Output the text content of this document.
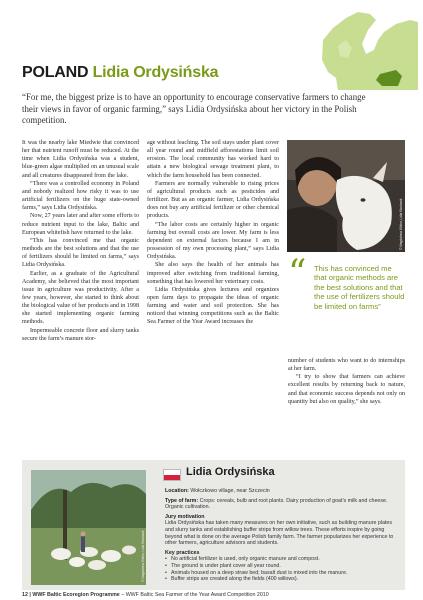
POLAND Lidia Ordysińska
“For me, the biggest prize is to have an opportunity to encourage conservative farmers to change their views in favor of organic farming,” says Lidia Ordysińska about her victory in the Polish competition.

It was the nearby lake Miedwie that convinced her that nutrient runoff must be reduced. At the time when Lidia Ordysińska was a student, blue-green algae multiplied on an unusual scale and all creatures disappeared from the lake.

“There was a controlled economy in Poland and nobody realized how risky it was to use artificial fertilizers on the huge state-owned farms,” says Lidia Ordysińska.

Now, 27 years later and after some efforts to reduce nutrient input to the lake, Baltic and European whitefish have returned to the lake.

“This has convinced me that organic methods are the best solutions and that the use of fertilizers should be limited on farms,” says Lidia Ordysińska.

Earlier, as a graduate of the Agricultural Academy, she believed that the most important issue in agriculture was productivity. After a few years, however, she started to think about the biological value of her products and in 1998 she started implementing organic farming methods.

Impermeable concrete floor and slurry tanks secure the farm’s manure stor-

age without leaching. The soil stays under plant cover all year round and midfield afforestations limit soil erosion. The local community has worked hard to attain a new biological sewage treatment plant, to which the farm household has been connected.

Farmers are normally vulnerable to rising prices of agricultural products such as pesticides and fertilizer. But as an organic farmer, Lidia Ordysińska does not buy any artificial fertilizer or other chemical products.

“The labor costs are certainly higher in organic farming but overall costs are lower. My farm is less dependent on external factors because I am in possession of my own processing plant,” says Lidia Ordysińska.

She also says the health of her animals has improved after switching from traditional farming, something that has lowered her veterinary costs.

Lidia Ordysińska gives lectures and organizes open farm days to propagate the ideas of organic farming and water and soil protection. She has noticed that winning competitions such as the Baltic Sea Farmer of the Year Award increases the

© Magdalena Wiktor, Lidia Wacławik
“ This has convinced me that organic methods are the best solutions and that the use of fertilizers should be limited on farms”

number of students who want to do internships at her farm.

“I try to show that farmers can achieve excellent results by returning back to nature, and that economic success depends not only on quantity but also on quality,” she says.

© Magdalena Wiktor, Lidia Wacławik
Lidia Ordysińska

Location: Wołczkowo village, near Szczecin

Type of farm: Crops: cereals, bulb and root plants. Dairy production of goat’s milk and cheese. Organic cultivation.

Jury motivation

Lidia Ordysińska has taken many measures on her own initiative, such as building manure plates and slurry tanks and establishing buffer strips from willow trees. These efforts inspire by going beyond what is done on the average Polish family farm. The farmer popularizes her experience to other farmers, agriculture advisors and students.

Key practices

• No artificial fertilizer is used, only organic manure and compost.
• The ground is under plant cover all year round.
• Animals housed on a deep straw bed; basalt dust is mixed into the manure.
• Buffer strips are created along the fields (400 willows).
12 | WWF Baltic Ecoregion Programme – WWF Baltic Sea Farmer of the Year Award Competition 2010
